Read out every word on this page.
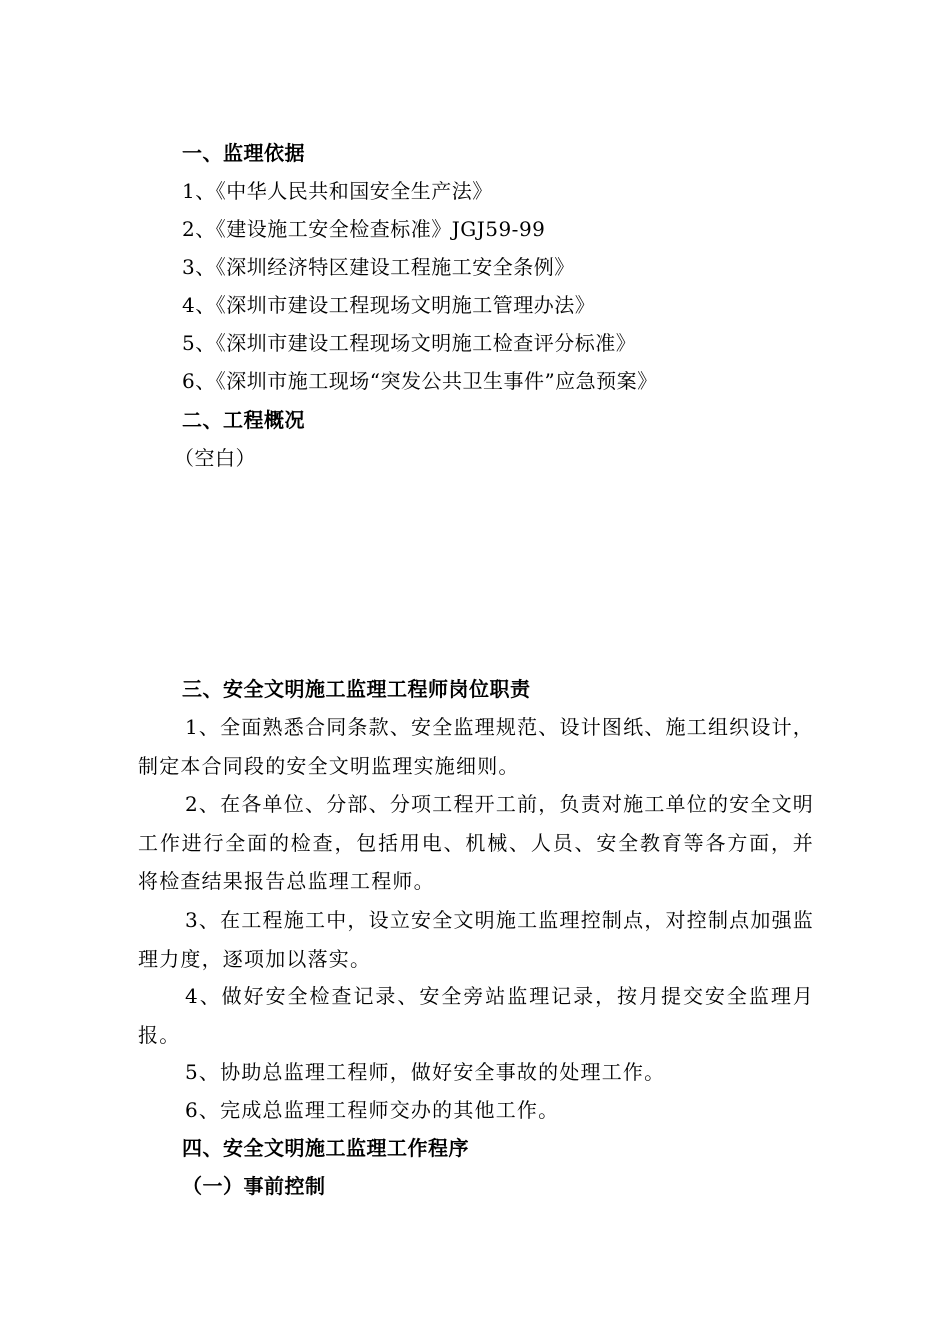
一、监理依据
1、《中华人民共和国安全生产法》
2、《建设施工安全检查标准》JGJ59-99
3、《深圳经济特区建设工程施工安全条例》
4、《深圳市建设工程现场文明施工管理办法》
5、《深圳市建设工程现场文明施工检查评分标准》
6、《深圳市施工现场“突发公共卫生事件”应急预案》
二、工程概况
（空白）
三、安全文明施工监理工程师岗位职责
1、全面熟悉合同条款、安全监理规范、设计图纸、施工组织设计，制定本合同段的安全文明监理实施细则。
2、在各单位、分部、分项工程开工前，负责对施工单位的安全文明工作进行全面的检查，包括用电、机械、人员、安全教育等各方面，并将检查结果报告总监理工程师。
3、在工程施工中，设立安全文明施工监理控制点，对控制点加强监理力度，逐项加以落实。
4、做好安全检查记录、安全旁站监理记录，按月提交安全监理月报。
5、协助总监理工程师，做好安全事故的处理工作。
6、完成总监理工程师交办的其他工作。
四、安全文明施工监理工作程序
（一）事前控制
